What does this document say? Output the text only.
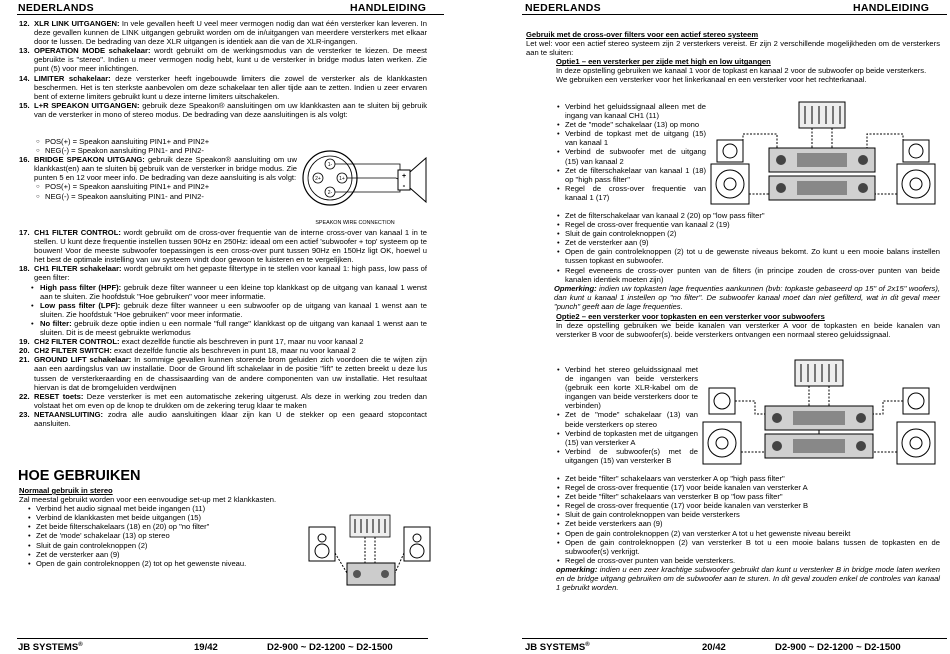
NEDERLANDS	HANDLEIDING
12. XLR LINK UITGANGEN: In vele gevallen heeft U veel meer vermogen nodig dan wat één versterker kan leveren. In deze gevallen kunnen de LINK uitgangen gebruikt worden om de in/uitgangen van meerdere versterkers met elkaar door te lussen. De bedrading van deze XLR uitgangen is identiek aan die van de XLR-ingangen.
13. OPERATION MODE schakelaar: wordt gebruikt om de werkingsmodus van de versterker te kiezen. De meest gebruikte is "stereo". Indien u meer vermogen nodig hebt, kunt u de versterker in bridge modus laten werken. Zie punt (5) voor meer inlichtingen.
14. LIMITER schakelaar: deze versterker heeft ingebouwde limiters die zowel de versterker als de klankkasten beschermen. Het is ten sterkste aanbevolen om deze schakelaar ten aller tijde aan te zetten. Indien u zeer ervaren bent of externe limiters gebruikt kunt u deze interne limiters uitschakelen.
15. L+R SPEAKON UITGANGEN: gebruik deze Speakon® aansluitingen om uw klankkasten aan te sluiten bij gebruik van de versterker in mono of stereo modus. De bedrading van deze aansluitingen is als volgt:
○ POS(+) = Speakon aansluiting PIN1+ and PIN2+
○ NEG(-) = Speakon aansluiting PIN1- and PIN2-
16. BRIDGE SPEAKON UITGANG: gebruik deze Speakon® aansluiting om uw klankkast(en) aan te sluiten bij gebruik van de versterker in bridge modus. Zie punten 5 en 12 voor meer info. De bedrading van deze aansluiting is als volgt:
○ POS(+) = Speakon aansluiting PIN1+ and PIN2+
○ NEG(-) = Speakon aansluiting PIN1- and PIN2-
1-
1+
2-
2+	+
-
SPEAKON WIRE CONNECTION
17. CH1 FILTER CONTROL: wordt gebruikt om de cross-over frequentie van de interne cross-over van kanaal 1 in te stellen. U kunt deze frequentie instellen tussen 90Hz en 250Hz: ideaal om een actief 'subwoofer + top' systeem op te bouwen! Voor de meeste subwoofer toepassingen is een cross-over punt tussen 90Hz en 150Hz ligt OK, hoewel u het best de optimale instelling van uw systeem vindt door gewoon te luisteren en te vergelijken.
18. CH1 FILTER schakelaar: wordt gebruikt om het gepaste filtertype in te stellen voor kanaal 1: high pass, low pass of geen filter:
• High pass filter (HPF): gebruik deze filter wanneer u een kleine top klankkast op de uitgang van kanaal 1 wenst aan te sluiten. Zie hoofdstuk "Hoe gebruiken" voor meer informatie.
• Low pass filter (LPF): gebruik deze filter wanneer u een subwoofer op de uitgang van kanaal 1 wenst aan te sluiten. Zie hoofdstuk "Hoe gebruiken" voor meer informatie.
• No filter: gebruik deze optie indien u een normale "full range" klankkast op de uitgang van kanaal 1 wenst aan te sluiten. Dit is de meest gebruikte werkmodus
19. CH2 FILTER CONTROL: exact dezelfde functie als beschreven in punt 17, maar nu voor kanaal 2
20. CH2 FILTER SWITCH: exact dezelfde functie als beschreven in punt 18, maar nu voor kanaal 2
21. GROUND LIFT schakelaar: In sommige gevallen kunnen storende brom geluiden zich voordoen die te wijten zijn aan een aardingslus van uw installatie. Door de Ground lift schakelaar in de positie "lift" te zetten breekt u deze lus tussen de versterkeraarding en de chassisaarding van de andere componenten van uw installatie. Het resultaat hiervan is dat de bromgeluiden verdwijnen
22. RESET toets: Deze versterker is met een automatische zekering uitgerust. Als deze in werking zou treden dan volstaat het om even op de knop te drukken om de zekering terug klaar te maken
23. NETAANSLUITING: zodra alle audio aansluitingen klaar zijn kan U de stekker op een geaard stopcontact aansluiten.
HOE GEBRUIKEN
Normaal gebruik in stereo
Zal meestal gebruikt worden voor een eenvoudige set-up met 2 klankkasten.
• Verbind het audio signaal met beide ingangen (11)
• Verbind de klankkasten met beide uitgangen (15)
• Zet beide filterschakelaars (18) en (20) op "no filter"
• Zet de 'mode' schakelaar (13) op stereo
• Sluit de gain controleknoppen (2)
• Zet de versterker aan (9)
• Open de gain controleknoppen (2) tot op het gewenste niveau.
JB SYSTEMS®	19/42	D2-900 ~ D2-1200 ~ D2-1500
NEDERLANDS	HANDLEIDING
Gebruik met de cross-over filters voor een actief stereo systeem
Let wel: voor een actief stereo systeem zijn 2 versterkers vereist. Er zijn 2 verschillende mogelijkheden om de versterkers aan te sluiten:
Optie1 – een versterker per zijde met high en low uitgangen
In deze opstelling gebruiken we kanaal 1 voor de topkast en kanaal 2 voor de subwoofer op beide versterkers.
We gebruiken een versterker voor het linkerkanaal en een versterker voor het rechterkanaal.
• Verbind het geluidssignaal alleen met de ingang van kanaal CH1 (11)
• Zet de "mode" schakelaar (13) op mono
• Verbind de topkast met de uitgang (15) van kanaal 1
• Verbind de subwoofer met de uitgang (15) van kanaal 2
• Zet de filterschakelaar van kanaal 1 (18) op "high pass filter"
• Regel de cross-over frequentie van kanaal 1 (17)
• Zet de filterschakelaar van kanaal 2 (20) op "low pass filter"
• Regel de cross-over frequentie van kanaal 2 (19)
• Sluit de gain controleknoppen (2)
• Zet de versterker aan (9)
• Open de gain controleknoppen (2) tot u de gewenste niveaus bekomt. Zo kunt u een mooie balans instellen tussen topkast en subwoofer.
• Regel eveneens de cross-over punten van de filters (in principe zouden de cross-over punten van beide kanalen identiek moeten zijn)
Opmerking: indien uw topkasten lage frequenties aankunnen (bvb: topkaste gebaseerd op 15" of 2x15" woofers), dan kunt u kanaal 1 instellen op "no filter". De subwoofer kanaal moet dan niet gefilterd, wat in dit geval meer "punch" geeft aan de lage frequenties.
Optie2 – een versterker voor topkasten en een versterker voor subwoofers
In deze opstelling gebruiken we beide kanalen van versterker A voor de topkasten en beide kanalen van versterker B voor de subwoofer(s). beide versterkers ontvangen een normaal stereo geluidssignaal.
• Verbind het stereo geluidssignaal met de ingangen van beide versterkers (gebruik een korte XLR-kabel om de ingangen van beide versterkers door te verbinden)
• Zet de "mode" schakelaar (13) van beide versterkers op stereo
• Verbind de topkasten met de uitgangen (15) van versterker A
• Verbind de subwoofer(s) met de uitgangen (15) van versterker B
• Zet beide "filter" schakelaars van versterker A op "high pass filter"
• Regel de cross-over frequentie (17) voor beide kanalen van versterker A
• Zet beide "filter" schakelaars van versterker B op "low pass filter"
• Regel de cross-over frequentie (17) voor beide kanalen van versterker B
• Sluit de gain controleknoppen van beide versterkers
• Zet beide versterkers aan (9)
• Open de gain controleknoppen (2) van versterker A tot u het gewenste niveau bereikt
• Open de gain controleknoppen (2) van versterker B tot u een mooie balans tussen de topkasten en de subwoofer(s) verkrijgt.
• Regel de cross-over punten van beide versterkers.
opmerking: indien u een zeer krachtige subwoofer gebruikt dan kunt u versterker B in bridge mode laten werken en de bridge uitgang gebruiken om de subwoofer aan te sturen. In dit geval zouden enkel de controles van kanaal 1 gebruikt worden.
JB SYSTEMS®	20/42	D2-900 ~ D2-1200 ~ D2-1500
